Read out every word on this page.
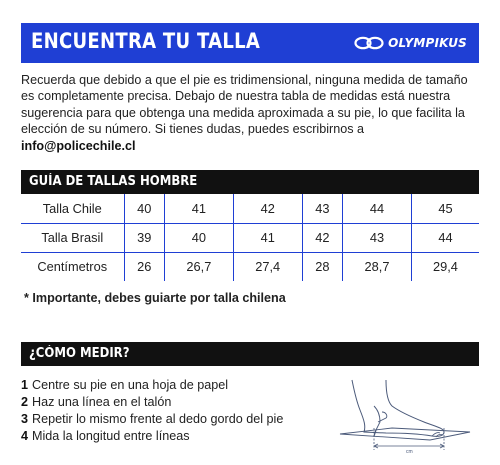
ENCUENTRA TU TALLA	OLYMPIKUS

Recuerda que debido a que el pie es tridimensional, ninguna medida de tamaño es completamente precisa. Debajo de nuestra tabla de medidas está nuestra sugerencia para que obtenga una medida aproximada a su pie, lo que facilita la elección de su número. Si tienes dudas, puedes escribirnos a info@policechile.cl

GUÍA DE TALLAS HOMBRE
Talla Chile	40	41	42	43	44	45
Talla Brasil	39	40	41	42	43	44
Centímetros	26	26,7	27,4	28	28,7	29,4
* Importante, debes guiarte por talla chilena
¿CÓMO MEDIR?
1 Centre su pie en una hoja de papel
2 Haz una línea en el talón
3 Repetir lo mismo frente al dedo gordo del pie
4 Mida la longitud entre líneas
cm
